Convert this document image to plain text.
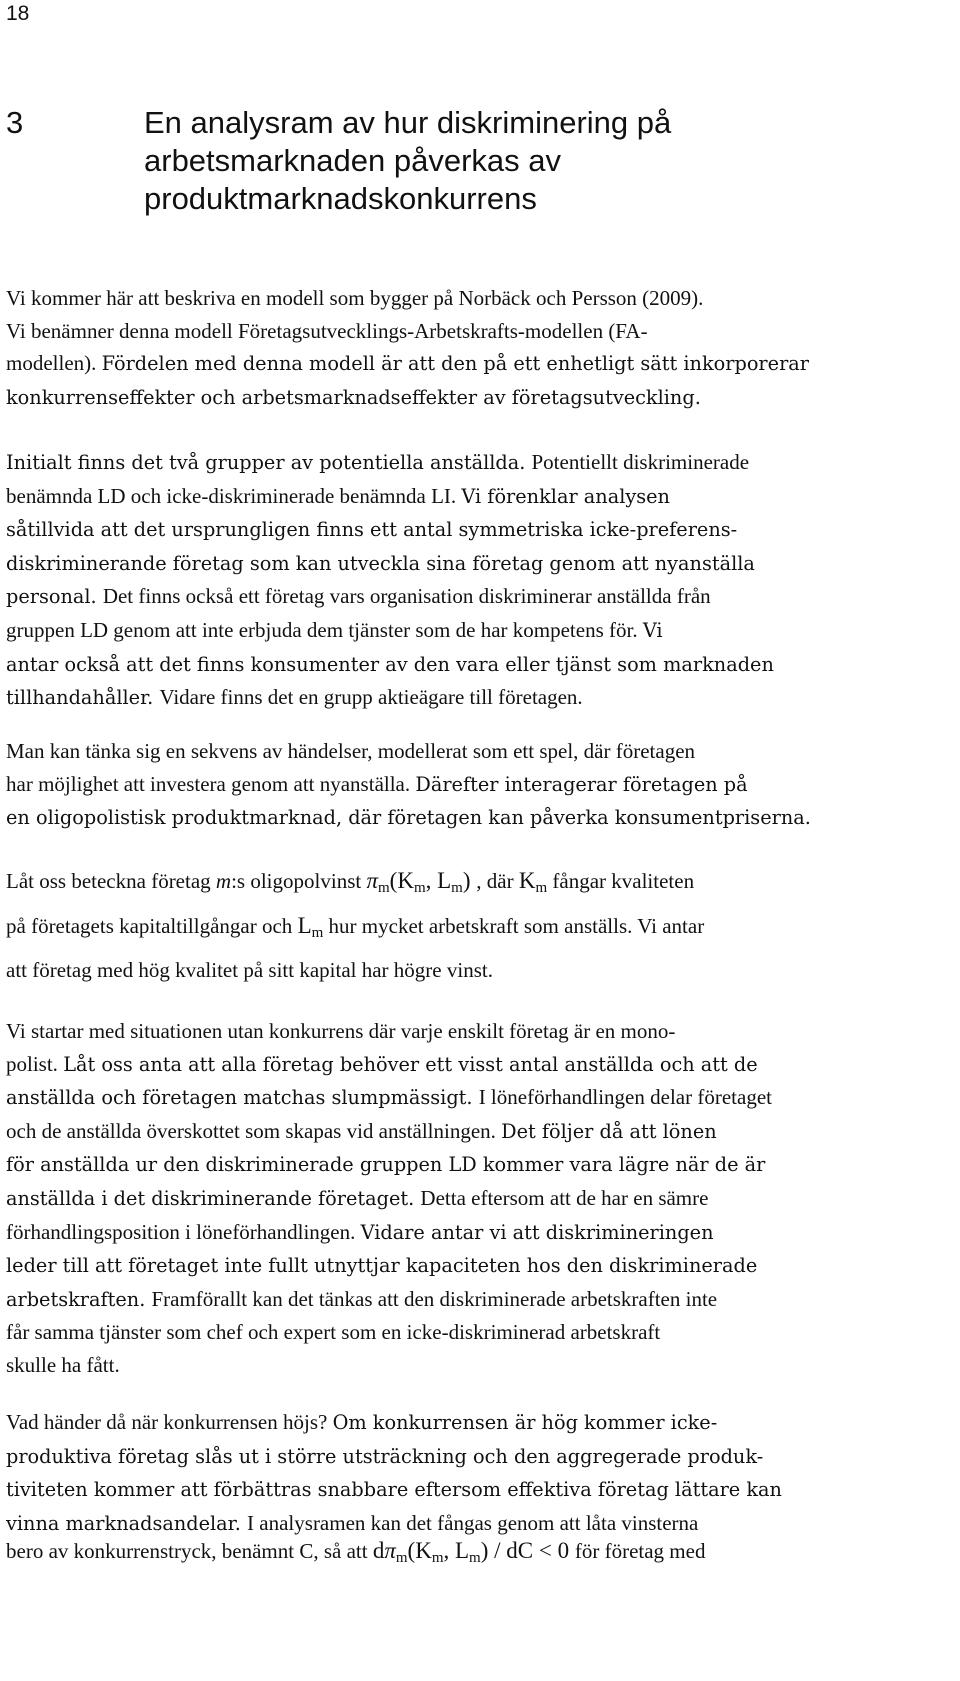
18
3	En analysram av hur diskriminering på
arbetsmarknaden påverkas av
produktmarknadskonkurrens

Vi kommer här att beskriva en modell som bygger på Norbäck och Persson (2009).
Vi benämner denna modell Företagsutvecklings-Arbetskrafts-modellen (FA-
modellen). Fördelen med denna modell är att den på ett enhetligt sätt inkorporerar
konkurrenseffekter och arbetsmarknadseffekter av företagsutveckling.

Initialt finns det två grupper av potentiella anställda. Potentiellt diskriminerade
benämnda LD och icke-diskriminerade benämnda LI. Vi förenklar analysen
såtillvida att det ursprungligen finns ett antal symmetriska icke-preferens-
diskriminerande företag som kan utveckla sina företag genom att nyanställa
personal. Det finns också ett företag vars organisation diskriminerar anställda från
gruppen LD genom att inte erbjuda dem tjänster som de har kompetens för. Vi
antar också att det finns konsumenter av den vara eller tjänst som marknaden
tillhandahåller. Vidare finns det en grupp aktieägare till företagen.

Man kan tänka sig en sekvens av händelser, modellerat som ett spel, där företagen
har möjlighet att investera genom att nyanställa. Därefter interagerar företagen på
en oligopolistisk produktmarknad, där företagen kan påverka konsumentpriserna.

Låt oss beteckna företag m:s oligopolvinst $\pi_m(K_m$, $L_m$) , där $K_m$ fångar kvaliteten
på företagets kapitaltillgångar och $L_m$ hur mycket arbetskraft som anställs. Vi antar
att företag med hög kvalitet på sitt kapital har högre vinst.

Vi startar med situationen utan konkurrens där varje enskilt företag är en mono-
polist. Låt oss anta att alla företag behöver ett visst antal anställda och att de
anställda och företagen matchas slumpmässigt. I löneförhandlingen delar företaget
och de anställda överskottet som skapas vid anställningen. Det följer då att lönen
för anställda ur den diskriminerade gruppen LD kommer vara lägre när de är
anställda i det diskriminerande företaget. Detta eftersom att de har en sämre
förhandlingsposition i löneförhandlingen. Vidare antar vi att diskrimineringen
leder till att företaget inte fullt utnyttjar kapaciteten hos den diskriminerade
arbetskraften. Framförallt kan det tänkas att den diskriminerade arbetskraften inte
får samma tjänster som chef och expert som en icke-diskriminerad arbetskraft
skulle ha fått.

Vad händer då när konkurrensen höjs? Om konkurrensen är hög kommer icke-
produktiva företag slås ut i större utsträckning och den aggregerade produk-
tiviteten kommer att förbättras snabbare eftersom effektiva företag lättare kan
vinna marknadsandelar. I analysramen kan det fångas genom att låta vinsterna

bero av konkurrenstryck, benämnt C, så att $d\pi_m(K_m$, $L_m$) / dC < 0 för företag med
